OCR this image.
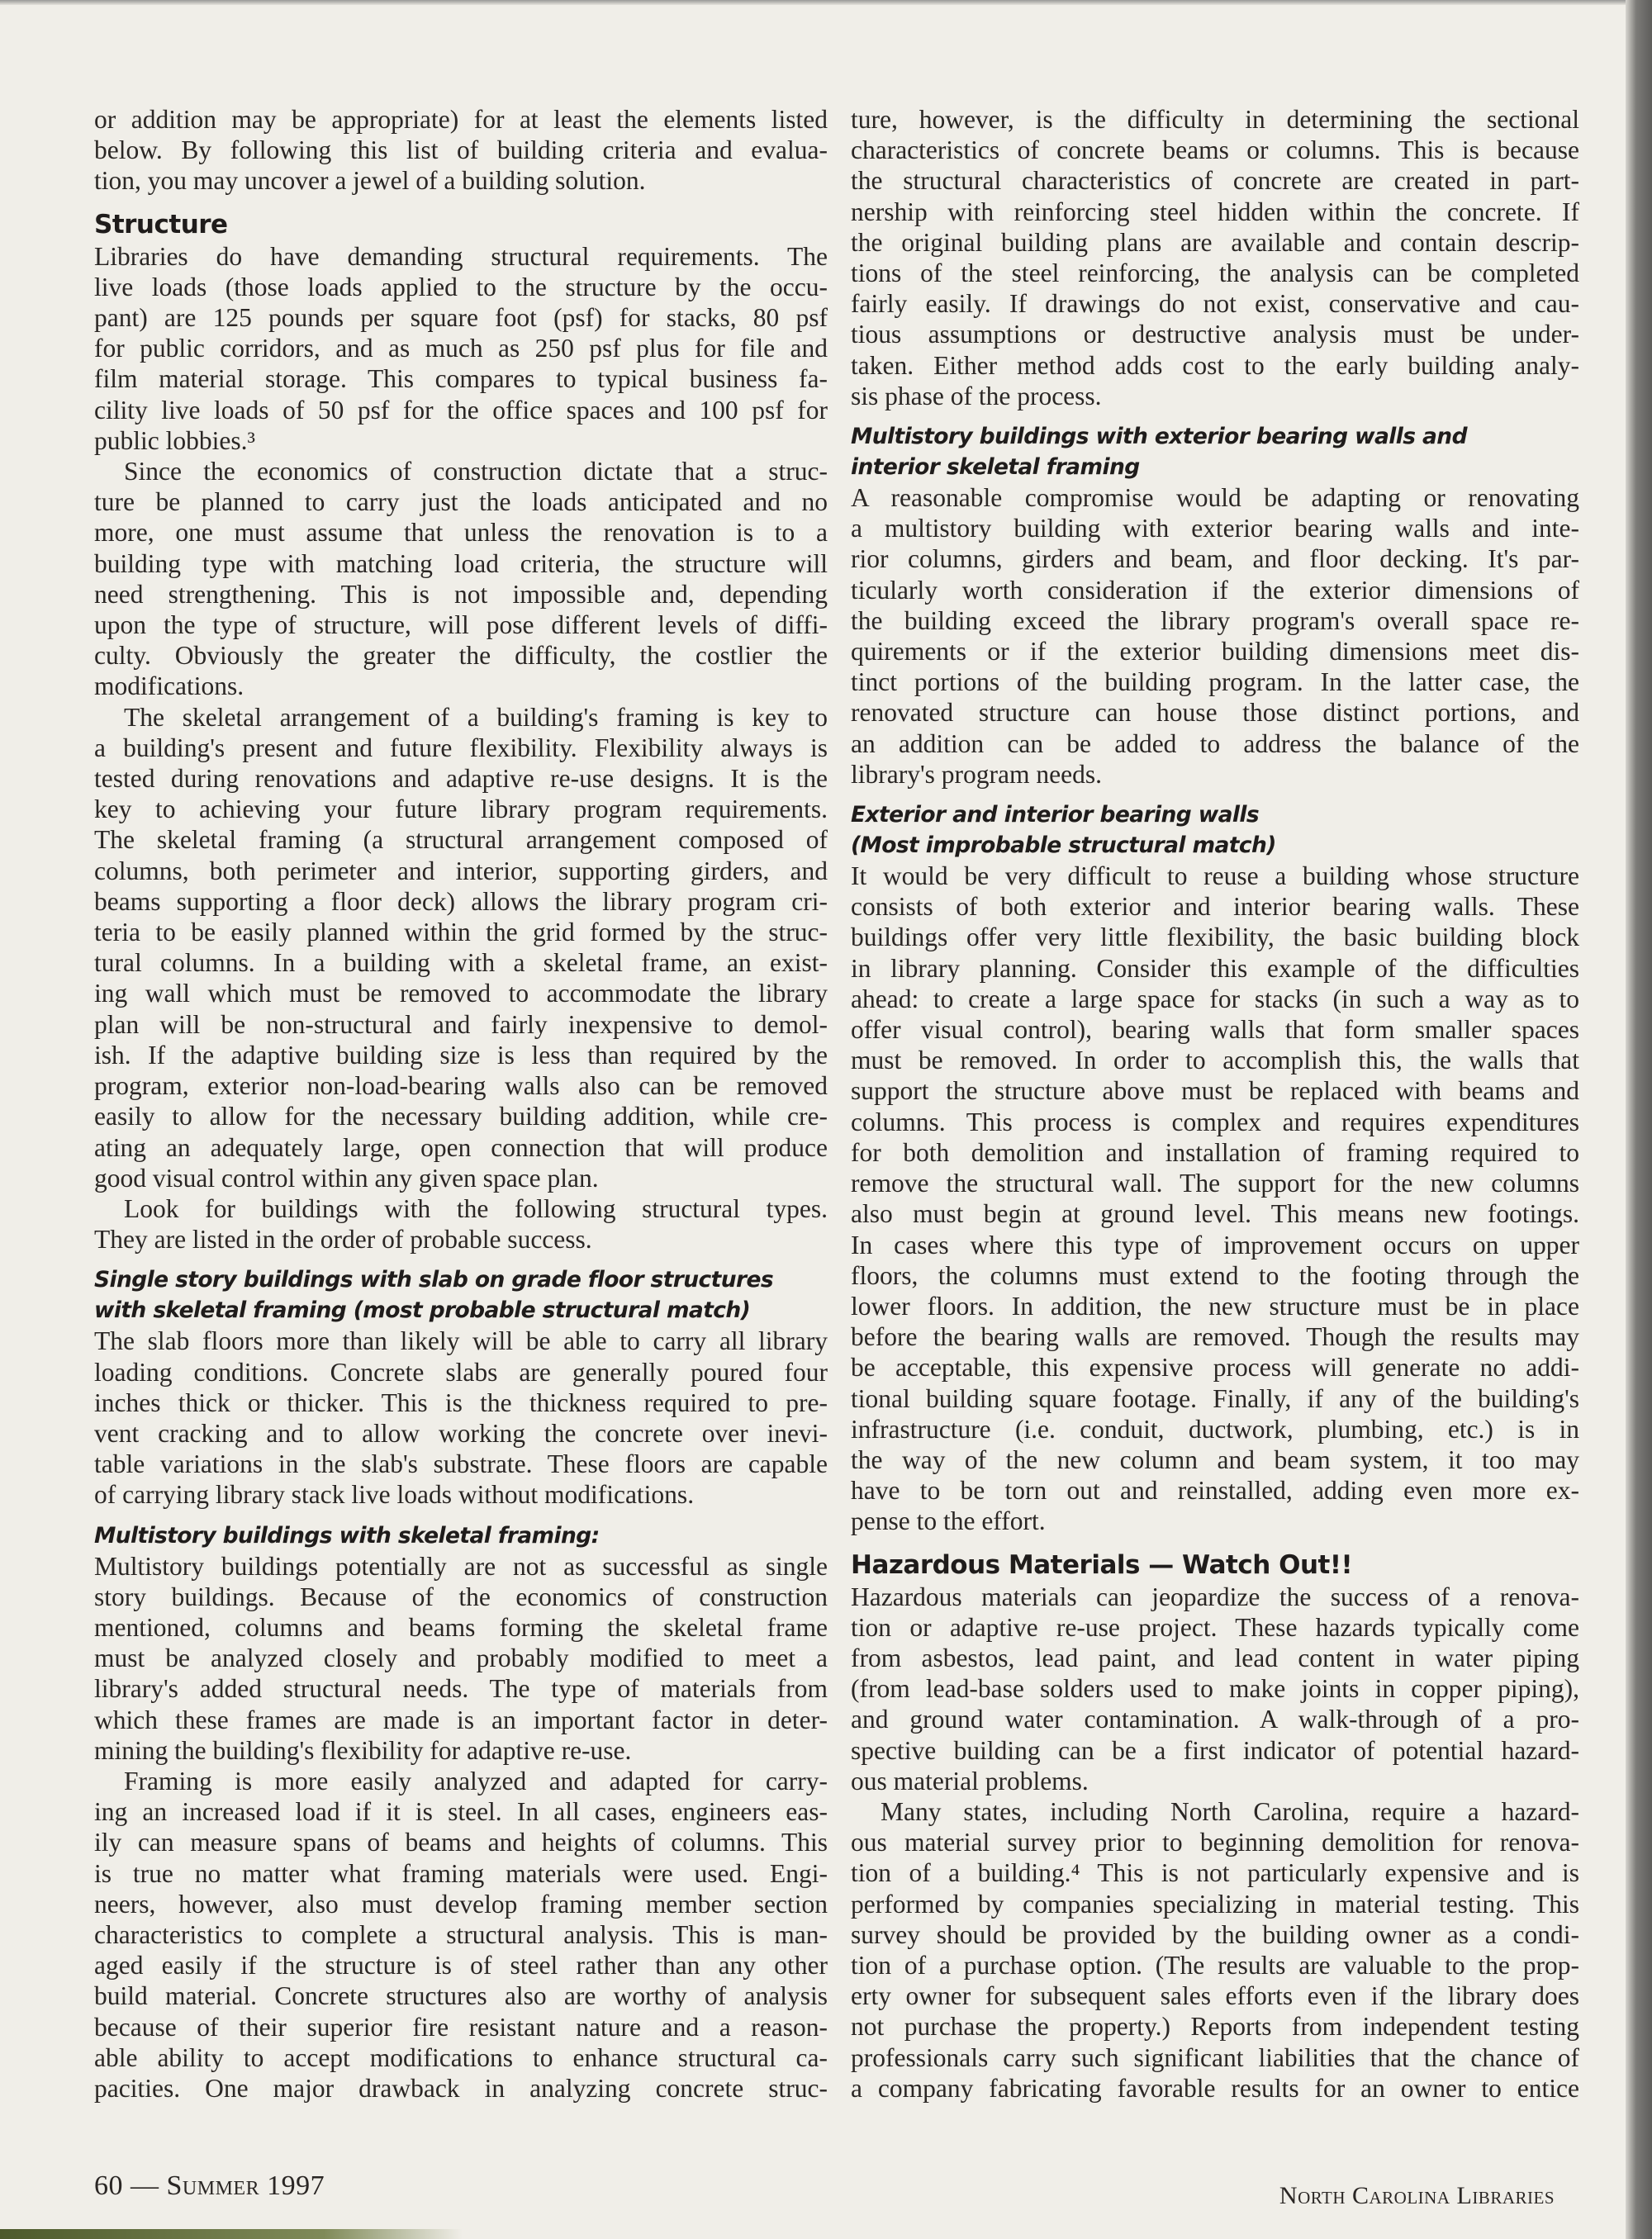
or addition may be appropriate) for at least the elements listed
below. By following this list of building criteria and evalua-
tion, you may uncover a jewel of a building solution.
Structure
Libraries do have demanding structural requirements. The
live loads (those loads applied to the structure by the occu-
pant) are 125 pounds per square foot (psf) for stacks, 80 psf
for public corridors, and as much as 250 psf plus for file and
film material storage. This compares to typical business fa-
cility live loads of 50 psf for the office spaces and 100 psf for
public lobbies.³
Since the economics of construction dictate that a struc-
ture be planned to carry just the loads anticipated and no
more, one must assume that unless the renovation is to a
building type with matching load criteria, the structure will
need strengthening. This is not impossible and, depending
upon the type of structure, will pose different levels of diffi-
culty. Obviously the greater the difficulty, the costlier the
modifications.
The skeletal arrangement of a building's framing is key to
a building's present and future flexibility. Flexibility always is
tested during renovations and adaptive re-use designs. It is the
key to achieving your future library program requirements.
The skeletal framing (a structural arrangement composed of
columns, both perimeter and interior, supporting girders, and
beams supporting a floor deck) allows the library program cri-
teria to be easily planned within the grid formed by the struc-
tural columns. In a building with a skeletal frame, an exist-
ing wall which must be removed to accommodate the library
plan will be non-structural and fairly inexpensive to demol-
ish. If the adaptive building size is less than required by the
program, exterior non-load-bearing walls also can be removed
easily to allow for the necessary building addition, while cre-
ating an adequately large, open connection that will produce
good visual control within any given space plan.
Look for buildings with the following structural types.
They are listed in the order of probable success.
Single story buildings with slab on grade floor structures
with skeletal framing (most probable structural match)
The slab floors more than likely will be able to carry all library
loading conditions. Concrete slabs are generally poured four
inches thick or thicker. This is the thickness required to pre-
vent cracking and to allow working the concrete over inevi-
table variations in the slab's substrate. These floors are capable
of carrying library stack live loads without modifications.
Multistory buildings with skeletal framing:
Multistory buildings potentially are not as successful as single
story buildings. Because of the economics of construction
mentioned, columns and beams forming the skeletal frame
must be analyzed closely and probably modified to meet a
library's added structural needs. The type of materials from
which these frames are made is an important factor in deter-
mining the building's flexibility for adaptive re-use.
Framing is more easily analyzed and adapted for carry-
ing an increased load if it is steel. In all cases, engineers eas-
ily can measure spans of beams and heights of columns. This
is true no matter what framing materials were used. Engi-
neers, however, also must develop framing member section
characteristics to complete a structural analysis. This is man-
aged easily if the structure is of steel rather than any other
build material. Concrete structures also are worthy of analysis
because of their superior fire resistant nature and a reason-
able ability to accept modifications to enhance structural ca-
pacities. One major drawback in analyzing concrete struc-
ture, however, is the difficulty in determining the sectional
characteristics of concrete beams or columns. This is because
the structural characteristics of concrete are created in part-
nership with reinforcing steel hidden within the concrete. If
the original building plans are available and contain descrip-
tions of the steel reinforcing, the analysis can be completed
fairly easily. If drawings do not exist, conservative and cau-
tious assumptions or destructive analysis must be under-
taken. Either method adds cost to the early building analy-
sis phase of the process.
Multistory buildings with exterior bearing walls and
interior skeletal framing
A reasonable compromise would be adapting or renovating
a multistory building with exterior bearing walls and inte-
rior columns, girders and beam, and floor decking. It's par-
ticularly worth consideration if the exterior dimensions of
the building exceed the library program's overall space re-
quirements or if the exterior building dimensions meet dis-
tinct portions of the building program. In the latter case, the
renovated structure can house those distinct portions, and
an addition can be added to address the balance of the
library's program needs.
Exterior and interior bearing walls
(Most improbable structural match)
It would be very difficult to reuse a building whose structure
consists of both exterior and interior bearing walls. These
buildings offer very little flexibility, the basic building block
in library planning. Consider this example of the difficulties
ahead: to create a large space for stacks (in such a way as to
offer visual control), bearing walls that form smaller spaces
must be removed. In order to accomplish this, the walls that
support the structure above must be replaced with beams and
columns. This process is complex and requires expenditures
for both demolition and installation of framing required to
remove the structural wall. The support for the new columns
also must begin at ground level. This means new footings.
In cases where this type of improvement occurs on upper
floors, the columns must extend to the footing through the
lower floors. In addition, the new structure must be in place
before the bearing walls are removed. Though the results may
be acceptable, this expensive process will generate no addi-
tional building square footage. Finally, if any of the building's
infrastructure (i.e. conduit, ductwork, plumbing, etc.) is in
the way of the new column and beam system, it too may
have to be torn out and reinstalled, adding even more ex-
pense to the effort.
Hazardous Materials — Watch Out!!
Hazardous materials can jeopardize the success of a renova-
tion or adaptive re-use project. These hazards typically come
from asbestos, lead paint, and lead content in water piping
(from lead-base solders used to make joints in copper piping),
and ground water contamination. A walk-through of a pro-
spective building can be a first indicator of potential hazard-
ous material problems.
Many states, including North Carolina, require a hazard-
ous material survey prior to beginning demolition for renova-
tion of a building.⁴ This is not particularly expensive and is
performed by companies specializing in material testing. This
survey should be provided by the building owner as a condi-
tion of a purchase option. (The results are valuable to the prop-
erty owner for subsequent sales efforts even if the library does
not purchase the property.) Reports from independent testing
professionals carry such significant liabilities that the chance of
a company fabricating favorable results for an owner to entice
60 — Summer 1997	North Carolina Libraries
